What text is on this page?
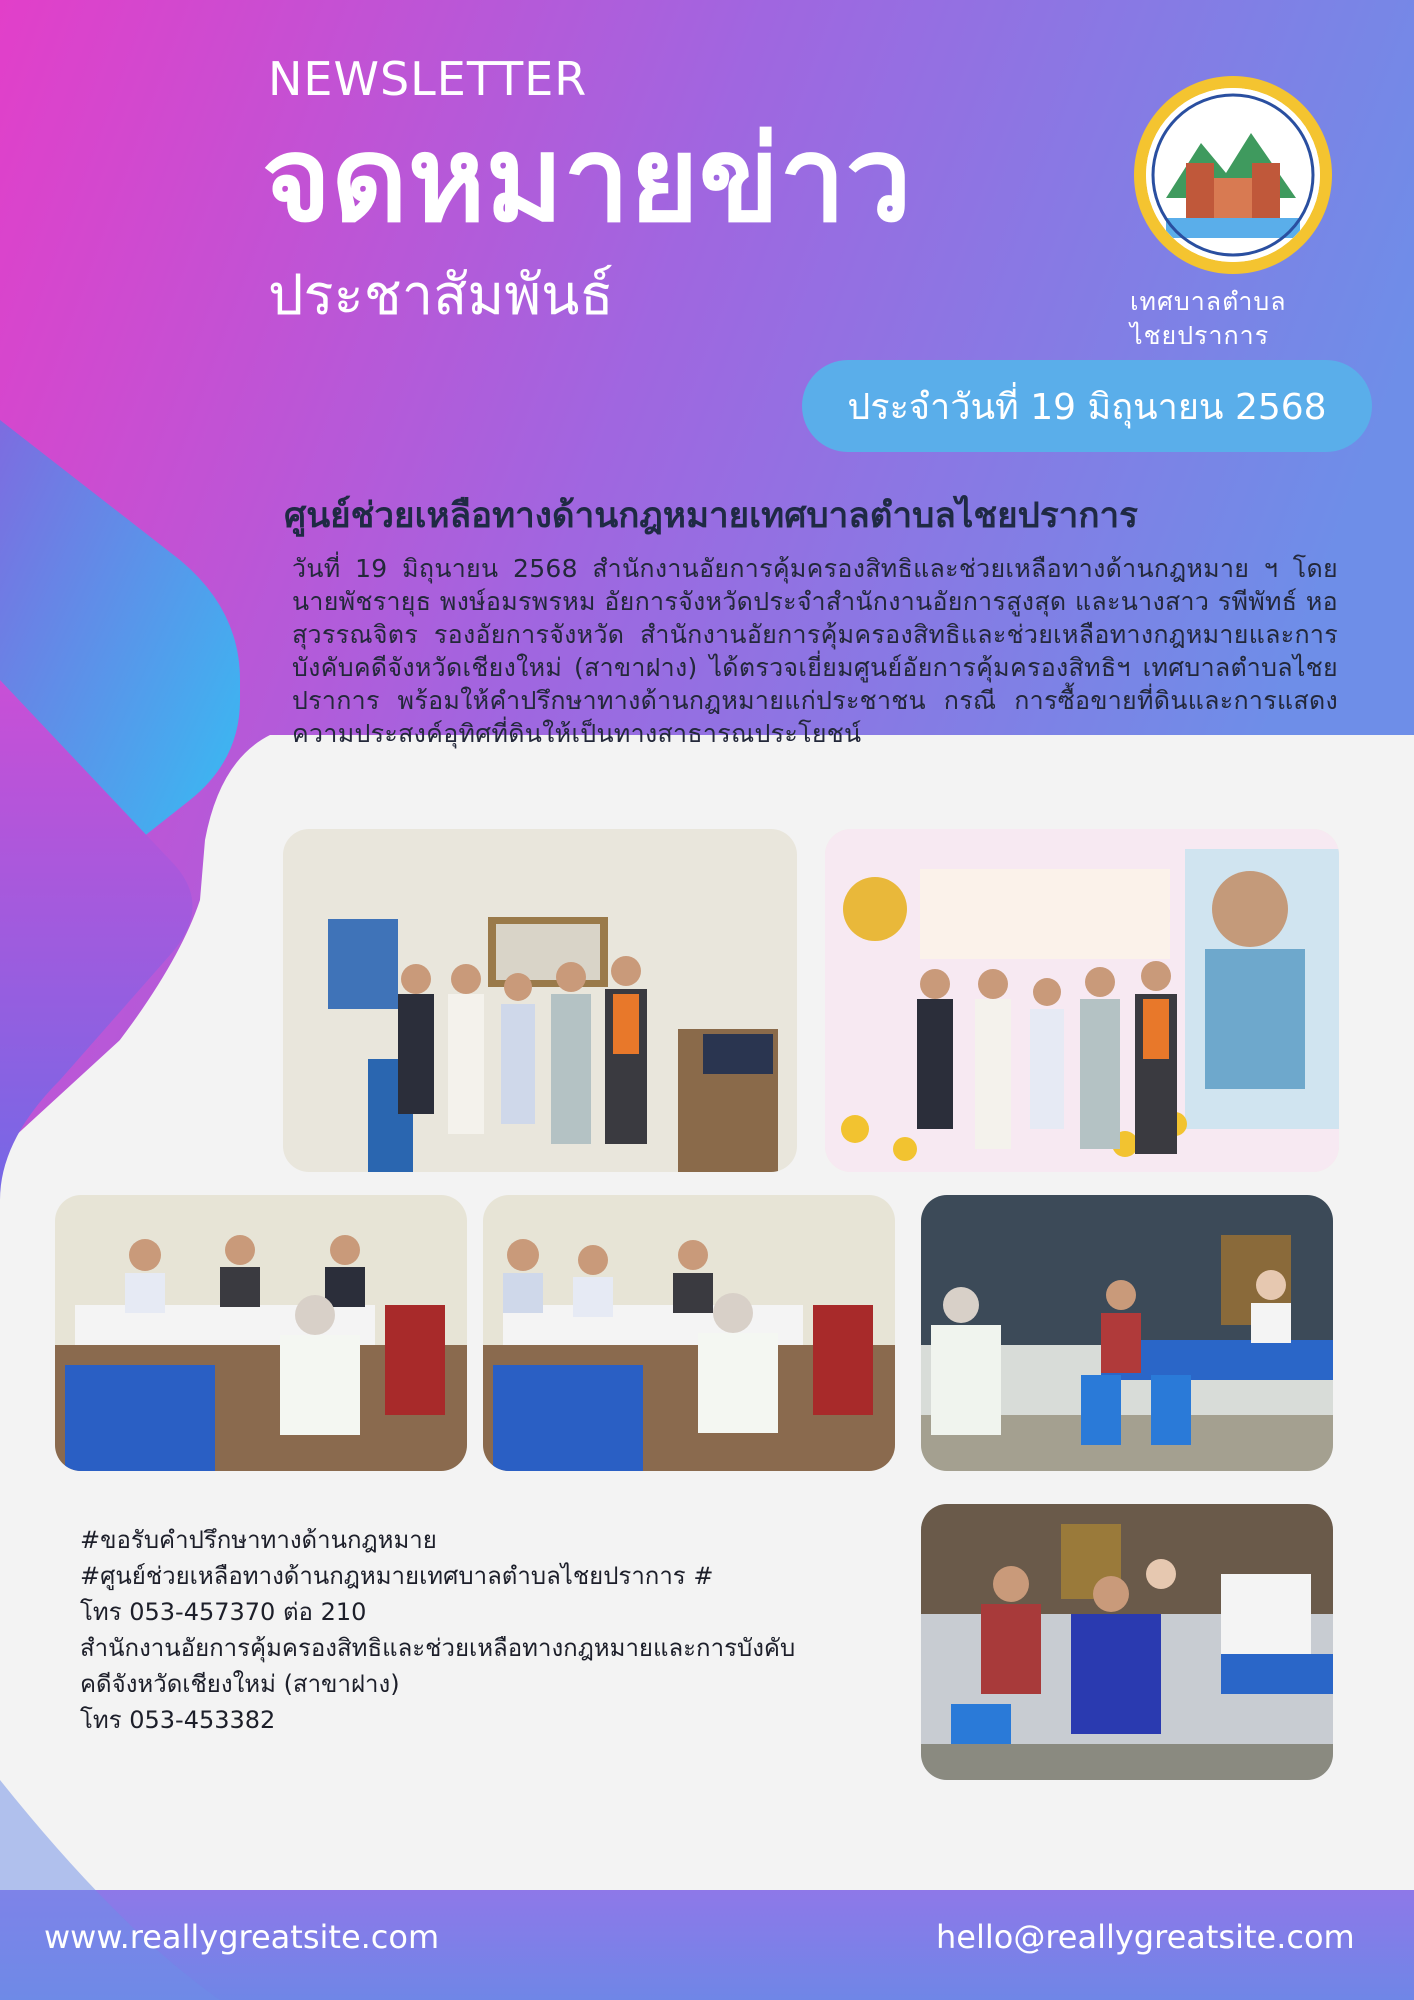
NEWSLETTER
จดหมายข่าว
ประชาสัมพันธ์	เทศบาลตำบล
ไชยปราการ
ประจำวันที่ 19 มิถุนายน 2568
ศูนย์ช่วยเหลือทางด้านกฎหมายเทศบาลตำบลไชยปราการ
วันที่ 19 มิถุนายน 2568 สำนักงานอัยการคุ้มครองสิทธิและช่วยเหลือทางด้านกฎหมาย ฯ โดย นายพัชรายุธ พงษ์อมรพรหม อัยการจังหวัดประจำสำนักงานอัยการสูงสุด และนางสาว รพีพัทธ์ หอสุวรรณจิตร รองอัยการจังหวัด สำนักงานอัยการคุ้มครองสิทธิและช่วยเหลือทางกฎหมายและการบังคับคดีจังหวัดเชียงใหม่ (สาขาฝาง) ได้ตรวจเยี่ยมศูนย์อัยการคุ้มครองสิทธิฯ เทศบาลตำบลไชยปราการ พร้อมให้คำปรึกษาทางด้านกฎหมายแก่ประชาชน กรณี การซื้อขายที่ดินและการแสดงความประสงค์อุทิศที่ดินให้เป็นทางสาธารณประโยชน์
#ขอรับคำปรึกษาทางด้านกฎหมาย
#ศูนย์ช่วยเหลือทางด้านกฎหมายเทศบาลตำบลไชยปราการ #
โทร 053-457370 ต่อ 210
สำนักงานอัยการคุ้มครองสิทธิและช่วยเหลือทางกฎหมายและการบังคับ
คดีจังหวัดเชียงใหม่ (สาขาฝาง)
โทร 053-453382
www.reallygreatsite.com	hello@reallygreatsite.com
